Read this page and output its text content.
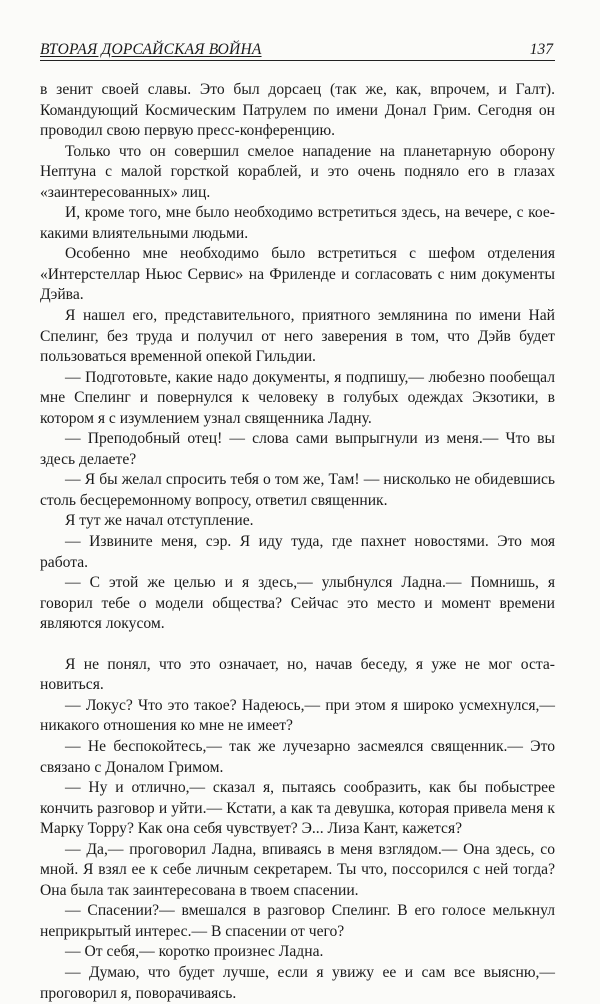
ВТОРАЯ ДОРСАЙСКАЯ ВОЙНА	137

в зенит своей славы. Это был дорсаец (так же, как, впрочем, и Галт). Командующий Космическим Патрулем по имени Донал Грим. Сегодня он проводил свою первую пресс-конференцию.

Только что он совершил смелое нападение на планетарную оборону Нептуна с малой горсткой кораблей, и это очень подняло его в глазах «заинтересованных» лиц.

И, кроме того, мне было необходимо встретиться здесь, на вечере, с кое-какими влиятельными людьми.

Особенно мне необходимо было встретиться с шефом отделения «Интерстеллар Ньюс Сервис» на Фриленде и согласовать с ним документы Дэйва.

Я нашел его, представительного, приятного землянина по имени Най Спелинг, без труда и получил от него заверения в том, что Дэйв будет пользоваться временной опекой Гильдии.

— Подготовьте, какие надо документы, я подпишу,— любезно пообещал мне Спелинг и повернулся к человеку в голубых одеждах Экзотики, в котором я с изумлением узнал священника Ладну.

— Преподобный отец! — слова сами выпрыгнули из меня.— Что вы здесь делаете?

— Я бы желал спросить тебя о том же, Там! — нисколько не обидевшись столь бесцеремонному вопросу, ответил священник.

Я тут же начал отступление.

— Извините меня, сэр. Я иду туда, где пахнет новостями. Это моя работа.

— С этой же целью и я здесь,— улыбнулся Ладна.— Помнишь, я говорил тебе о модели общества? Сейчас это место и момент времени являются локусом.

Я не понял, что это означает, но, начав беседу, я уже не мог остановиться.

— Локус? Что это такое? Надеюсь,— при этом я широко усмехнулся,— никакого отношения ко мне не имеет?

— Не беспокойтесь,— так же лучезарно засмеялся священник.— Это связано с Доналом Гримом.

— Ну и отлично,— сказал я, пытаясь сообразить, как бы побыстрее кончить разговор и уйти.— Кстати, а как та девушка, которая привела меня к Марку Торру? Как она себя чувствует? Э... Лиза Кант, кажется?

— Да,— проговорил Ладна, впиваясь в меня взглядом.— Она здесь, со мной. Я взял ее к себе личным секретарем. Ты что, поссорился с ней тогда? Она была так заинтересована в твоем спасении.

— Спасении?— вмешался в разговор Спелинг. В его голосе мелькнул неприкрытый интерес.— В спасении от чего?

— От себя,— коротко произнес Ладна.

— Думаю, что будет лучше, если я увижу ее и сам все выясню,— проговорил я, поворачиваясь.
